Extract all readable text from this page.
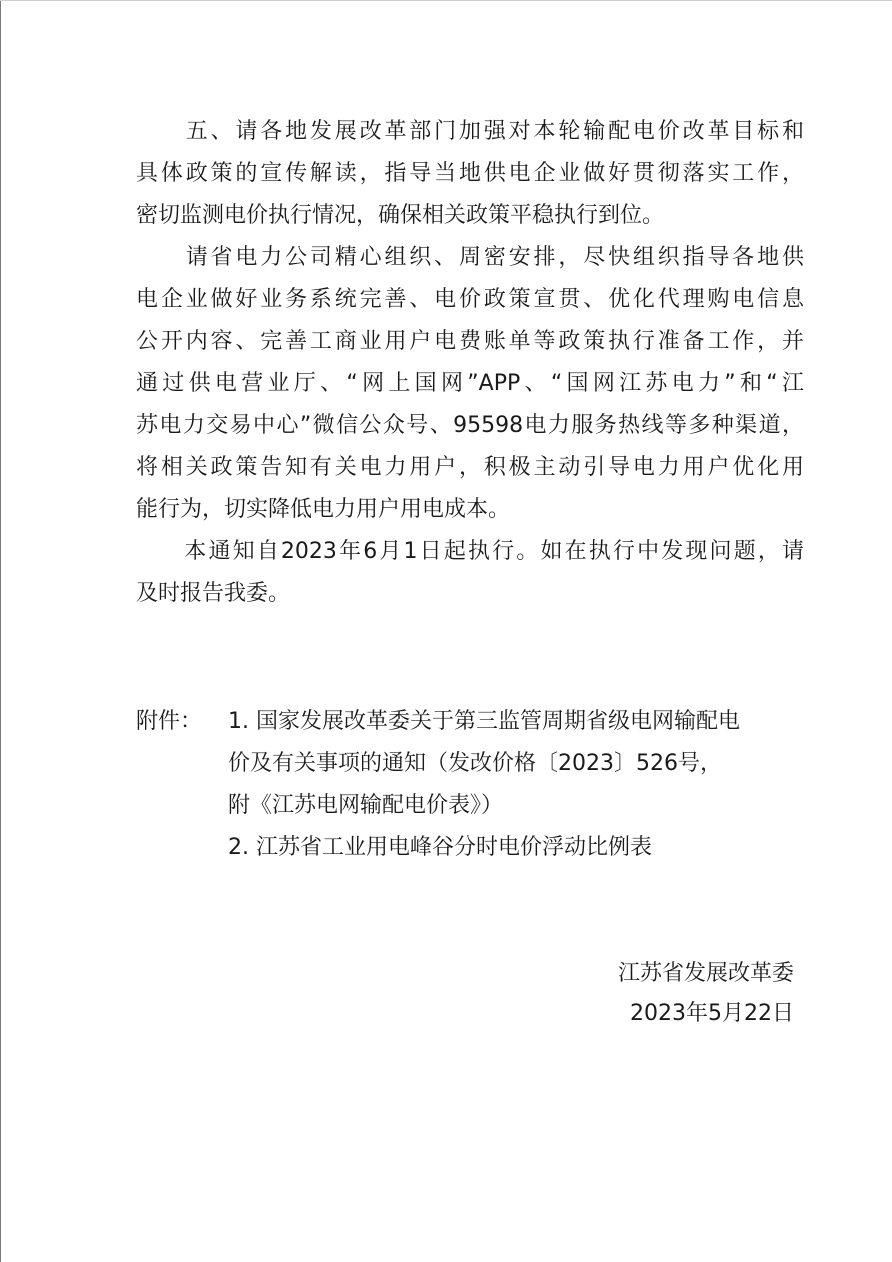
　　五、请各地发展改革部门加强对本轮输配电价改革目标和
具体政策的宣传解读，指导当地供电企业做好贯彻落实工作，
密切监测电价执行情况，确保相关政策平稳执行到位。
　　请省电力公司精心组织、周密安排，尽快组织指导各地供
电企业做好业务系统完善、电价政策宣贯、优化代理购电信息
公开内容、完善工商业用户电费账单等政策执行准备工作，并
通过供电营业厅、“网上国网”APP、“国网江苏电力”和“江
苏电力交易中心”微信公众号、95598电力服务热线等多种渠道，
将相关政策告知有关电力用户，积极主动引导电力用户优化用
能行为，切实降低电力用户用电成本。
　　本通知自2023年6月1日起执行。如在执行中发现问题，请
及时报告我委。
附件： 1. 国家发展改革委关于第三监管周期省级电网输配电
价及有关事项的通知（发改价格〔2023〕526号，
附《江苏电网输配电价表》）
2. 江苏省工业用电峰谷分时电价浮动比例表
江苏省发展改革委
2023年5月22日
